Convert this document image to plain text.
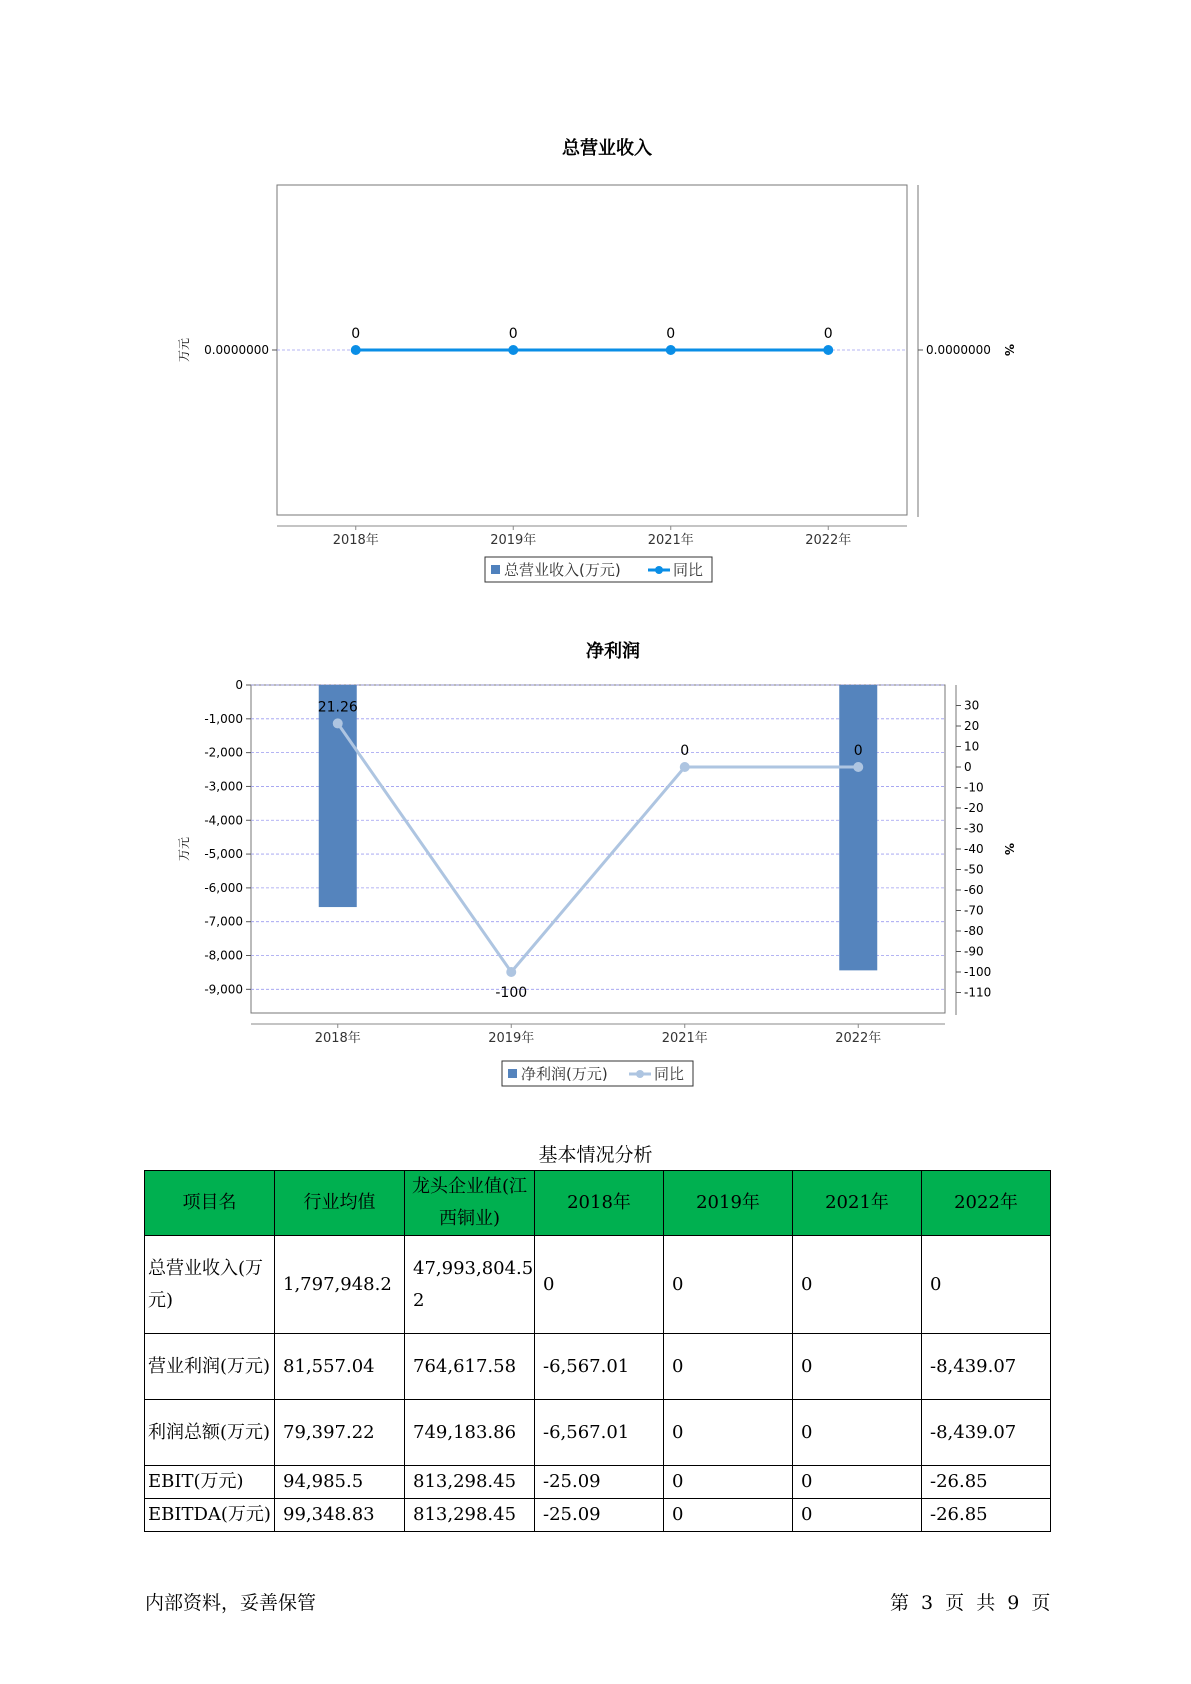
总营业收入
0.0000000	0.0000000
万元	%
0	0	0	0
2018年	2019年	2021年	2022年
总营业收入(万元)	同比
净利润
0
-1,000
-2,000
-3,000
-4,000
-5,000
-6,000
-7,000
-8,000
-9,000
30
20
10
0
-10
-20
-30
-40
-50
-60
-70
-80
-90
-100
-110
万元	%
21.26
-100
0	0
2018年	2019年	2021年	2022年
净利润(万元)	同比
基本情况分析
项目名	行业均值	龙头企业值(江西铜业)	2018年	2019年	2021年	2022年
总营业收入(万元)	1,797,948.2	47,993,804.52	0	0	0	0
营业利润(万元)	81,557.04	764,617.58	-6,567.01	0	0	-8,439.07
利润总额(万元)	79,397.22	749,183.86	-6,567.01	0	0	-8,439.07
EBIT(万元)	94,985.5	813,298.45	-25.09	0	0	-26.85
EBITDA(万元)	99,348.83	813,298.45	-25.09	0	0	-26.85
内部资料，妥善保管	第 3 页 共 9 页
